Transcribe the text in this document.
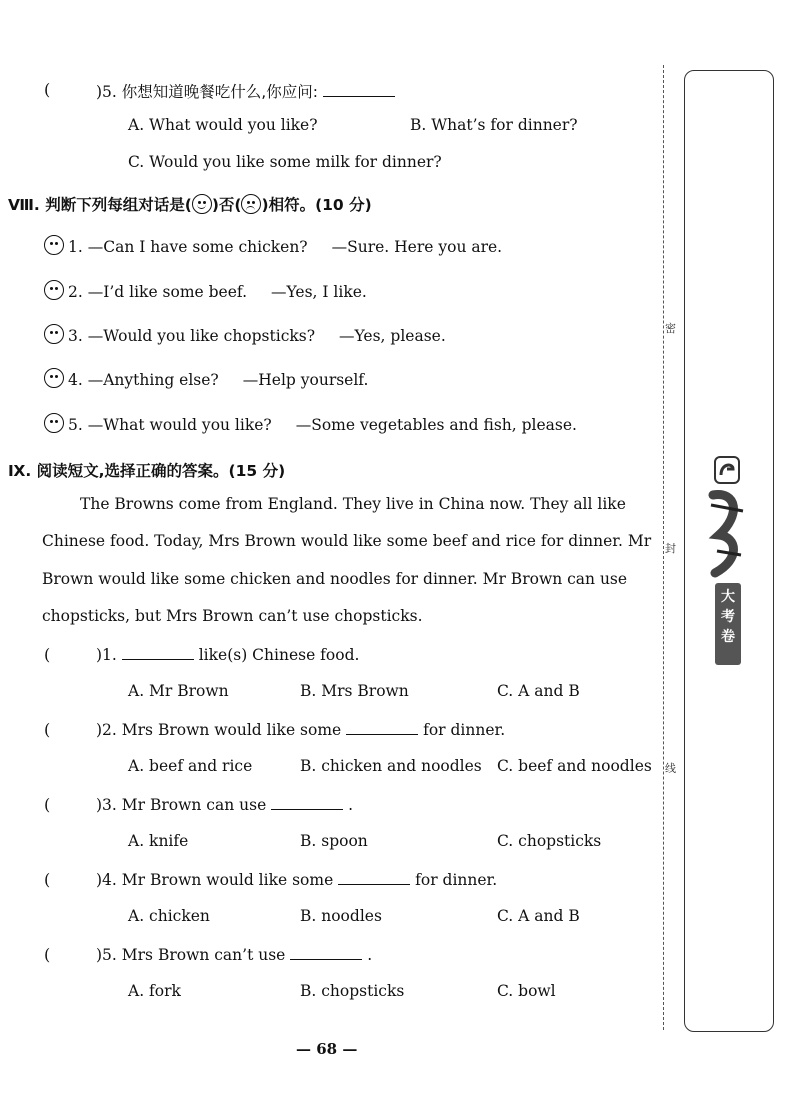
(	)5. 你想知道晚餐吃什么,你应问:
A. What would you like?	B. What’s for dinner?
C. Would you like some milk for dinner?
Ⅷ. 判断下列每组对话是( )否( )相符。(10 分)
1. —Can I have some chicken? —Sure. Here you are.
2. —I’d like some beef. —Yes, I like.
3. —Would you like chopsticks? —Yes, please.
4. —Anything else? —Help yourself.
5. —What would you like? —Some vegetables and fish, please.
Ⅸ. 阅读短文,选择正确的答案。(15 分)
The Browns come from England. They live in China now. They all like
Chinese food. Today, Mrs Brown would like some beef and rice for dinner. Mr
Brown would like some chicken and noodles for dinner. Mr Brown can use
chopsticks, but Mrs Brown can’t use chopsticks.
(	)1.	like(s) Chinese food.
A. Mr Brown	B. Mrs Brown	C. A and B
(	)2. Mrs Brown would like some	for dinner.
A. beef and rice	B. chicken and noodles C. beef and noodles
(	)3. Mr Brown can use	.
A. knife	B. spoon	C. chopsticks
(	)4. Mr Brown would like some	for dinner.
A. chicken	B. noodles	C. A and B
(	)5. Mrs Brown can’t use	.
A. fork	B. chopsticks	C. bowl
密
封
线
大
考
卷
— 68 —
